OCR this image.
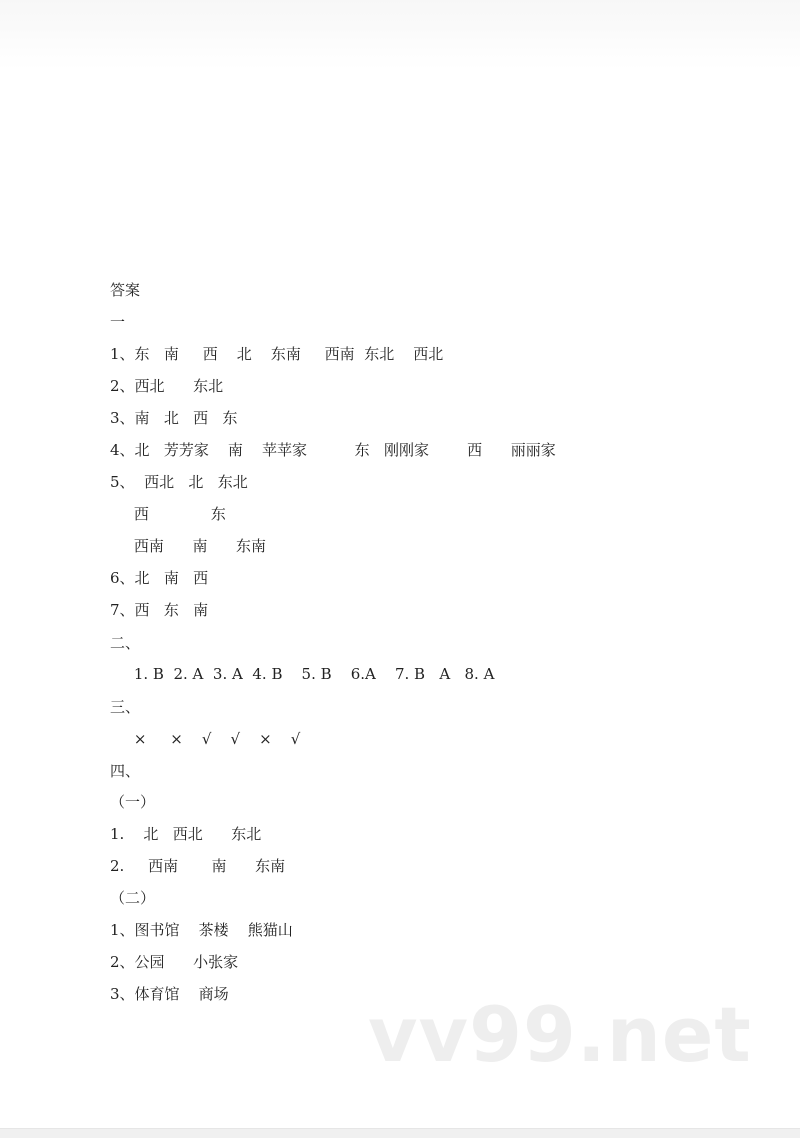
答案
一
1、东   南     西    北    东南     西南  东北    西北
2、西北      东北
3、南   北   西   东
4、北   芳芳家    南    苹苹家          东   刚刚家        西      丽丽家
5、  西北   北   东北
西             东
西南      南      东南
6、北   南   西
7、西   东   南
二、
1. B  2. A  3. A  4. B    5. B    6.A    7. B   A   8. A
三、
×     ×    √    √    ×    √
四、
（一）
1.    北   西北      东北
2.     西南       南      东南
（二）
1、图书馆    茶楼    熊猫山
2、公园      小张家
3、体育馆    商场 vv99.net
